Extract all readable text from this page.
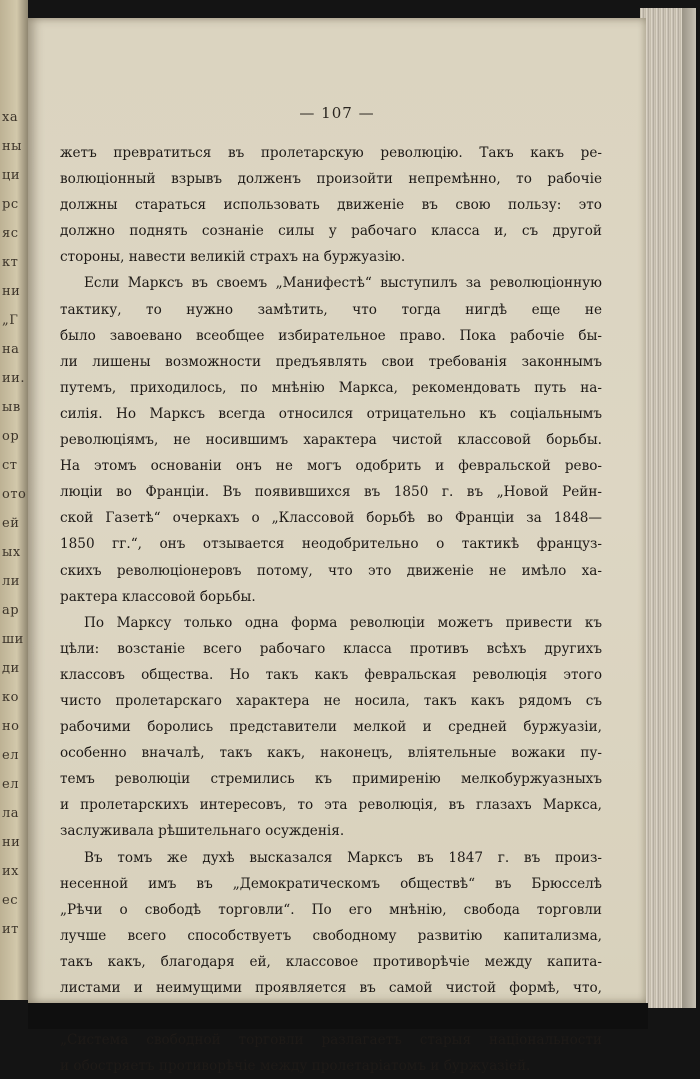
ха
ны
ци
рс
яс
кт
ни
„Г
на
ии.
ыв
ор
ст
ото
ей
ых
ли
ар
ши
ди
ко
но
ел
ел
ла
ни
их
ес
ит
— 107 —
жетъ превратиться въ пролетарскую революцію. Такъ какъ ре-
волюціонный взрывъ долженъ произойти непремѣнно, то рабочіе
должны стараться использовать движеніе въ свою пользу: это
должно поднять сознаніе силы у рабочаго класса и, съ другой
стороны, навести великій страхъ на буржуазію.
Если Марксъ въ своемъ „Манифестѣ“ выступилъ за революціонную
тактику, то нужно замѣтить, что тогда нигдѣ еще не
было завоевано всеобщее избирательное право. Пока рабочіе бы-
ли лишены возможности предъявлять свои требованія законнымъ
путемъ, приходилось, по мнѣнію Маркса, рекомендовать путь на-
силія. Но Марксъ всегда относился отрицательно къ соціальнымъ
революціямъ, не носившимъ характера чистой классовой борьбы.
На этомъ основаніи онъ не могъ одобрить и февральской рево-
люціи во Франціи. Въ появившихся въ 1850 г. въ „Новой Рейн-
ской Газетѣ“ очеркахъ о „Классовой борьбѣ во Франціи за 1848—
1850 гг.“, онъ отзывается неодобрительно о тактикѣ француз-
скихъ революціонеровъ потому, что это движеніе не имѣло ха-
рактера классовой борьбы.
По Марксу только одна форма революціи можетъ привести къ
цѣли: возстаніе всего рабочаго класса противъ всѣхъ другихъ
классовъ общества. Но такъ какъ февральская революція этого
чисто пролетарскаго характера не носила, такъ какъ рядомъ съ
рабочими боролись представители мелкой и средней буржуазіи,
особенно вначалѣ, такъ какъ, наконецъ, вліятельные вожаки пу-
темъ революціи стремились къ примиренію мелкобуржуазныхъ
и пролетарскихъ интересовъ, то эта революція, въ глазахъ Маркса,
заслуживала рѣшительнаго осужденія.
Въ томъ же духѣ высказался Марксъ въ 1847 г. въ произ-
несенной имъ въ „Демократическомъ обществѣ“ въ Брюсселѣ
„Рѣчи о свободѣ торговли“. По его мнѣнію, свобода торговли
лучше всего способствуетъ свободному развитію капитализма,
такъ какъ, благодаря ей, классовое противорѣчіе между капита-
листами и неимущими проявляется въ самой чистой формѣ, что,
„Система свободной торговли разлагаетъ старыя національности
и обостряетъ противорѣчіе между пролетаріатомъ и буржуазіей.
